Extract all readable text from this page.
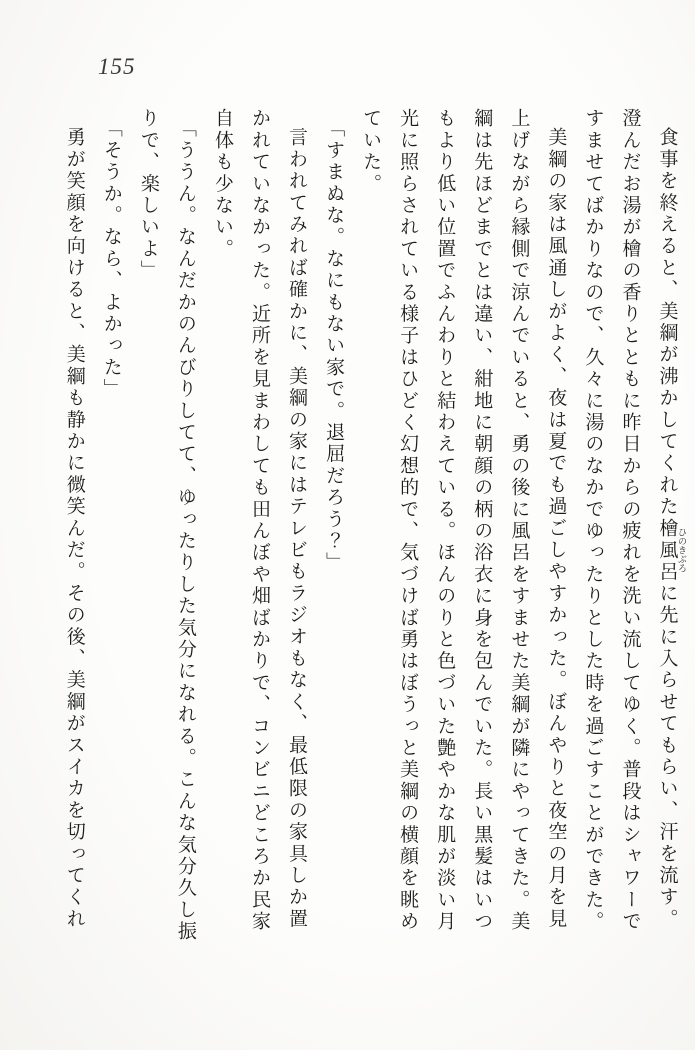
155

食事を終えると、美綱が沸かしてくれた檜風呂 ひのきぶろに先に入らせてもらい、汗を流す。澄んだお湯が檜の香りとともに昨日からの疲れを洗い流してゆく。普段はシャワーですませてばかりなので、久々に湯のなかでゆったりとした時を過ごすことができた。

美綱の家は風通しがよく、夜は夏でも過ごしやすかった。ぼんやりと夜空の月を見上げながら縁側で涼んでいると、勇の後に風呂をすませた美綱が隣にやってきた。美綱は先ほどまでとは違い、紺地に朝顔の柄の浴衣に身を包んでいた。長い黒髪はいつもより低い位置でふんわりと結わえている。ほんのりと色づいた艶やかな肌が淡い月光に照らされている様子はひどく幻想的で、気づけば勇はぼうっと美綱の横顔を眺めていた。

「すまぬな。なにもない家で。退屈だろう？」

言われてみれば確かに、美綱の家にはテレビもラジオもなく、最低限の家具しか置かれていなかった。近所を見まわしても田んぼや畑ばかりで、コンビニどころか民家自体も少ない。

「ううん。なんだかのんびりしてて、ゆったりした気分になれる。こんな気分久し振りで、楽しいよ」

「そうか。なら、よかった」

勇が笑顔を向けると、美綱も静かに微笑んだ。その後、美綱がスイカを切ってくれ
